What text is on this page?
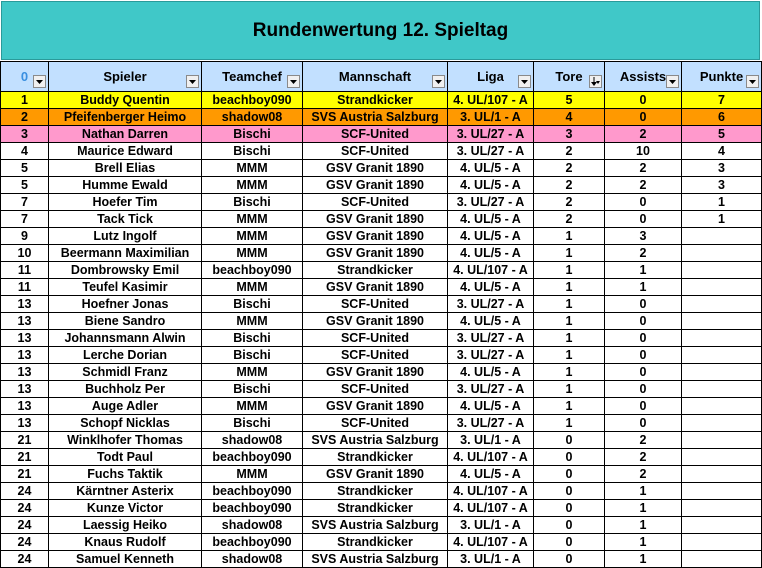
Rundenwertung 12. Spieltag
0	Spieler	Teamchef	Mannschaft	Liga	Tore	Assists	Punkte

1	Buddy Quentin	beachboy090	Strandkicker	4. UL/107 - A	5	0	7
2	Pfeifenberger Heimo	shadow08	SVS Austria Salzburg	3. UL/1 - A	4	0	6
3	Nathan Darren	Bischi	SCF-United	3. UL/27 - A	3	2	5
4	Maurice Edward	Bischi	SCF-United	3. UL/27 - A	2	10	4
5	Brell Elias	MMM	GSV Granit 1890	4. UL/5 - A	2	2	3
5	Humme Ewald	MMM	GSV Granit 1890	4. UL/5 - A	2	2	3
7	Hoefer Tim	Bischi	SCF-United	3. UL/27 - A	2	0	1
7	Tack Tick	MMM	GSV Granit 1890	4. UL/5 - A	2	0	1
9	Lutz Ingolf	MMM	GSV Granit 1890	4. UL/5 - A	1	3	
10	Beermann Maximilian	MMM	GSV Granit 1890	4. UL/5 - A	1	2	
11	Dombrowsky Emil	beachboy090	Strandkicker	4. UL/107 - A	1	1	
11	Teufel Kasimir	MMM	GSV Granit 1890	4. UL/5 - A	1	1	
13	Hoefner Jonas	Bischi	SCF-United	3. UL/27 - A	1	0	
13	Biene Sandro	MMM	GSV Granit 1890	4. UL/5 - A	1	0	
13	Johannsmann Alwin	Bischi	SCF-United	3. UL/27 - A	1	0	
13	Lerche Dorian	Bischi	SCF-United	3. UL/27 - A	1	0	
13	Schmidl Franz	MMM	GSV Granit 1890	4. UL/5 - A	1	0	
13	Buchholz Per	Bischi	SCF-United	3. UL/27 - A	1	0	
13	Auge Adler	MMM	GSV Granit 1890	4. UL/5 - A	1	0	
13	Schopf Nicklas	Bischi	SCF-United	3. UL/27 - A	1	0	
21	Winklhofer Thomas	shadow08	SVS Austria Salzburg	3. UL/1 - A	0	2	
21	Todt Paul	beachboy090	Strandkicker	4. UL/107 - A	0	2	
21	Fuchs Taktik	MMM	GSV Granit 1890	4. UL/5 - A	0	2	
24	Kärntner Asterix	beachboy090	Strandkicker	4. UL/107 - A	0	1	
24	Kunze Victor	beachboy090	Strandkicker	4. UL/107 - A	0	1	
24	Laessig Heiko	shadow08	SVS Austria Salzburg	3. UL/1 - A	0	1	
24	Knaus Rudolf	beachboy090	Strandkicker	4. UL/107 - A	0	1	
24	Samuel Kenneth	shadow08	SVS Austria Salzburg	3. UL/1 - A	0	1	
